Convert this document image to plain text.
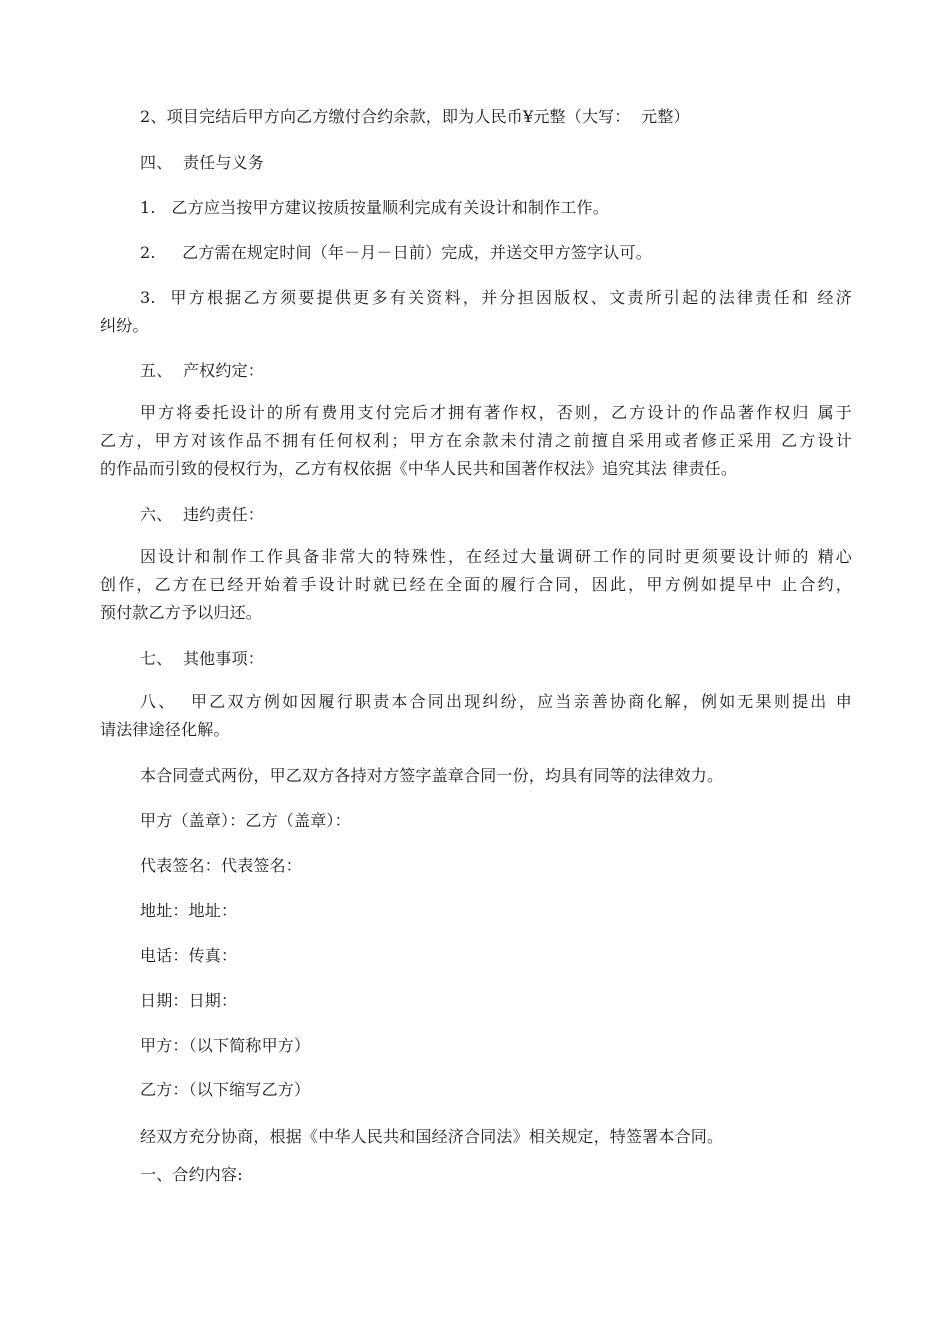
2、项目完结后甲方向乙方缴付合约余款，即为人民币¥元整（大写：  元整）
四、  责任与义务
1.   乙方应当按甲方建议按质按量顺利完成有关设计和制作工作。
2.     乙方需在规定时间（年－月－日前）完成，并送交甲方签字认可。
3.  甲方根据乙方须要提供更多有关资料，并分担因版权、文责所引起的法律责任和 经济
纠纷。
五、  产权约定：
甲方将委托设计的所有费用支付完后才拥有著作权，否则，乙方设计的作品著作权归 属于
乙方，甲方对该作品不拥有任何权利；甲方在余款未付清之前擅自采用或者修正采用 乙方设计
的作品而引致的侵权行为，乙方有权依据《中华人民共和国著作权法》追究其法 律责任。
六、  违约责任：
因设计和制作工作具备非常大的特殊性，在经过大量调研工作的同时更须要设计师的 精心
创作，乙方在已经开始着手设计时就已经在全面的履行合同，因此，甲方例如提早中 止合约，
预付款乙方予以归还。
七、  其他事项：
八、  甲乙双方例如因履行职责本合同出现纠纷，应当亲善协商化解，例如无果则提出 申
请法律途径化解。
本合同壹式两份，甲乙双方各持对方签字盖章合同一份，均具有同等的法律效力。
甲方（盖章）：乙方（盖章）：
代表签名：代表签名：
地址：地址：
电话：传真：
日期：日期：
甲方：（以下简称甲方）
乙方：（以下缩写乙方）
经双方充分协商，根据《中华人民共和国经济合同法》相关规定，特签署本合同。
一、合约内容:
